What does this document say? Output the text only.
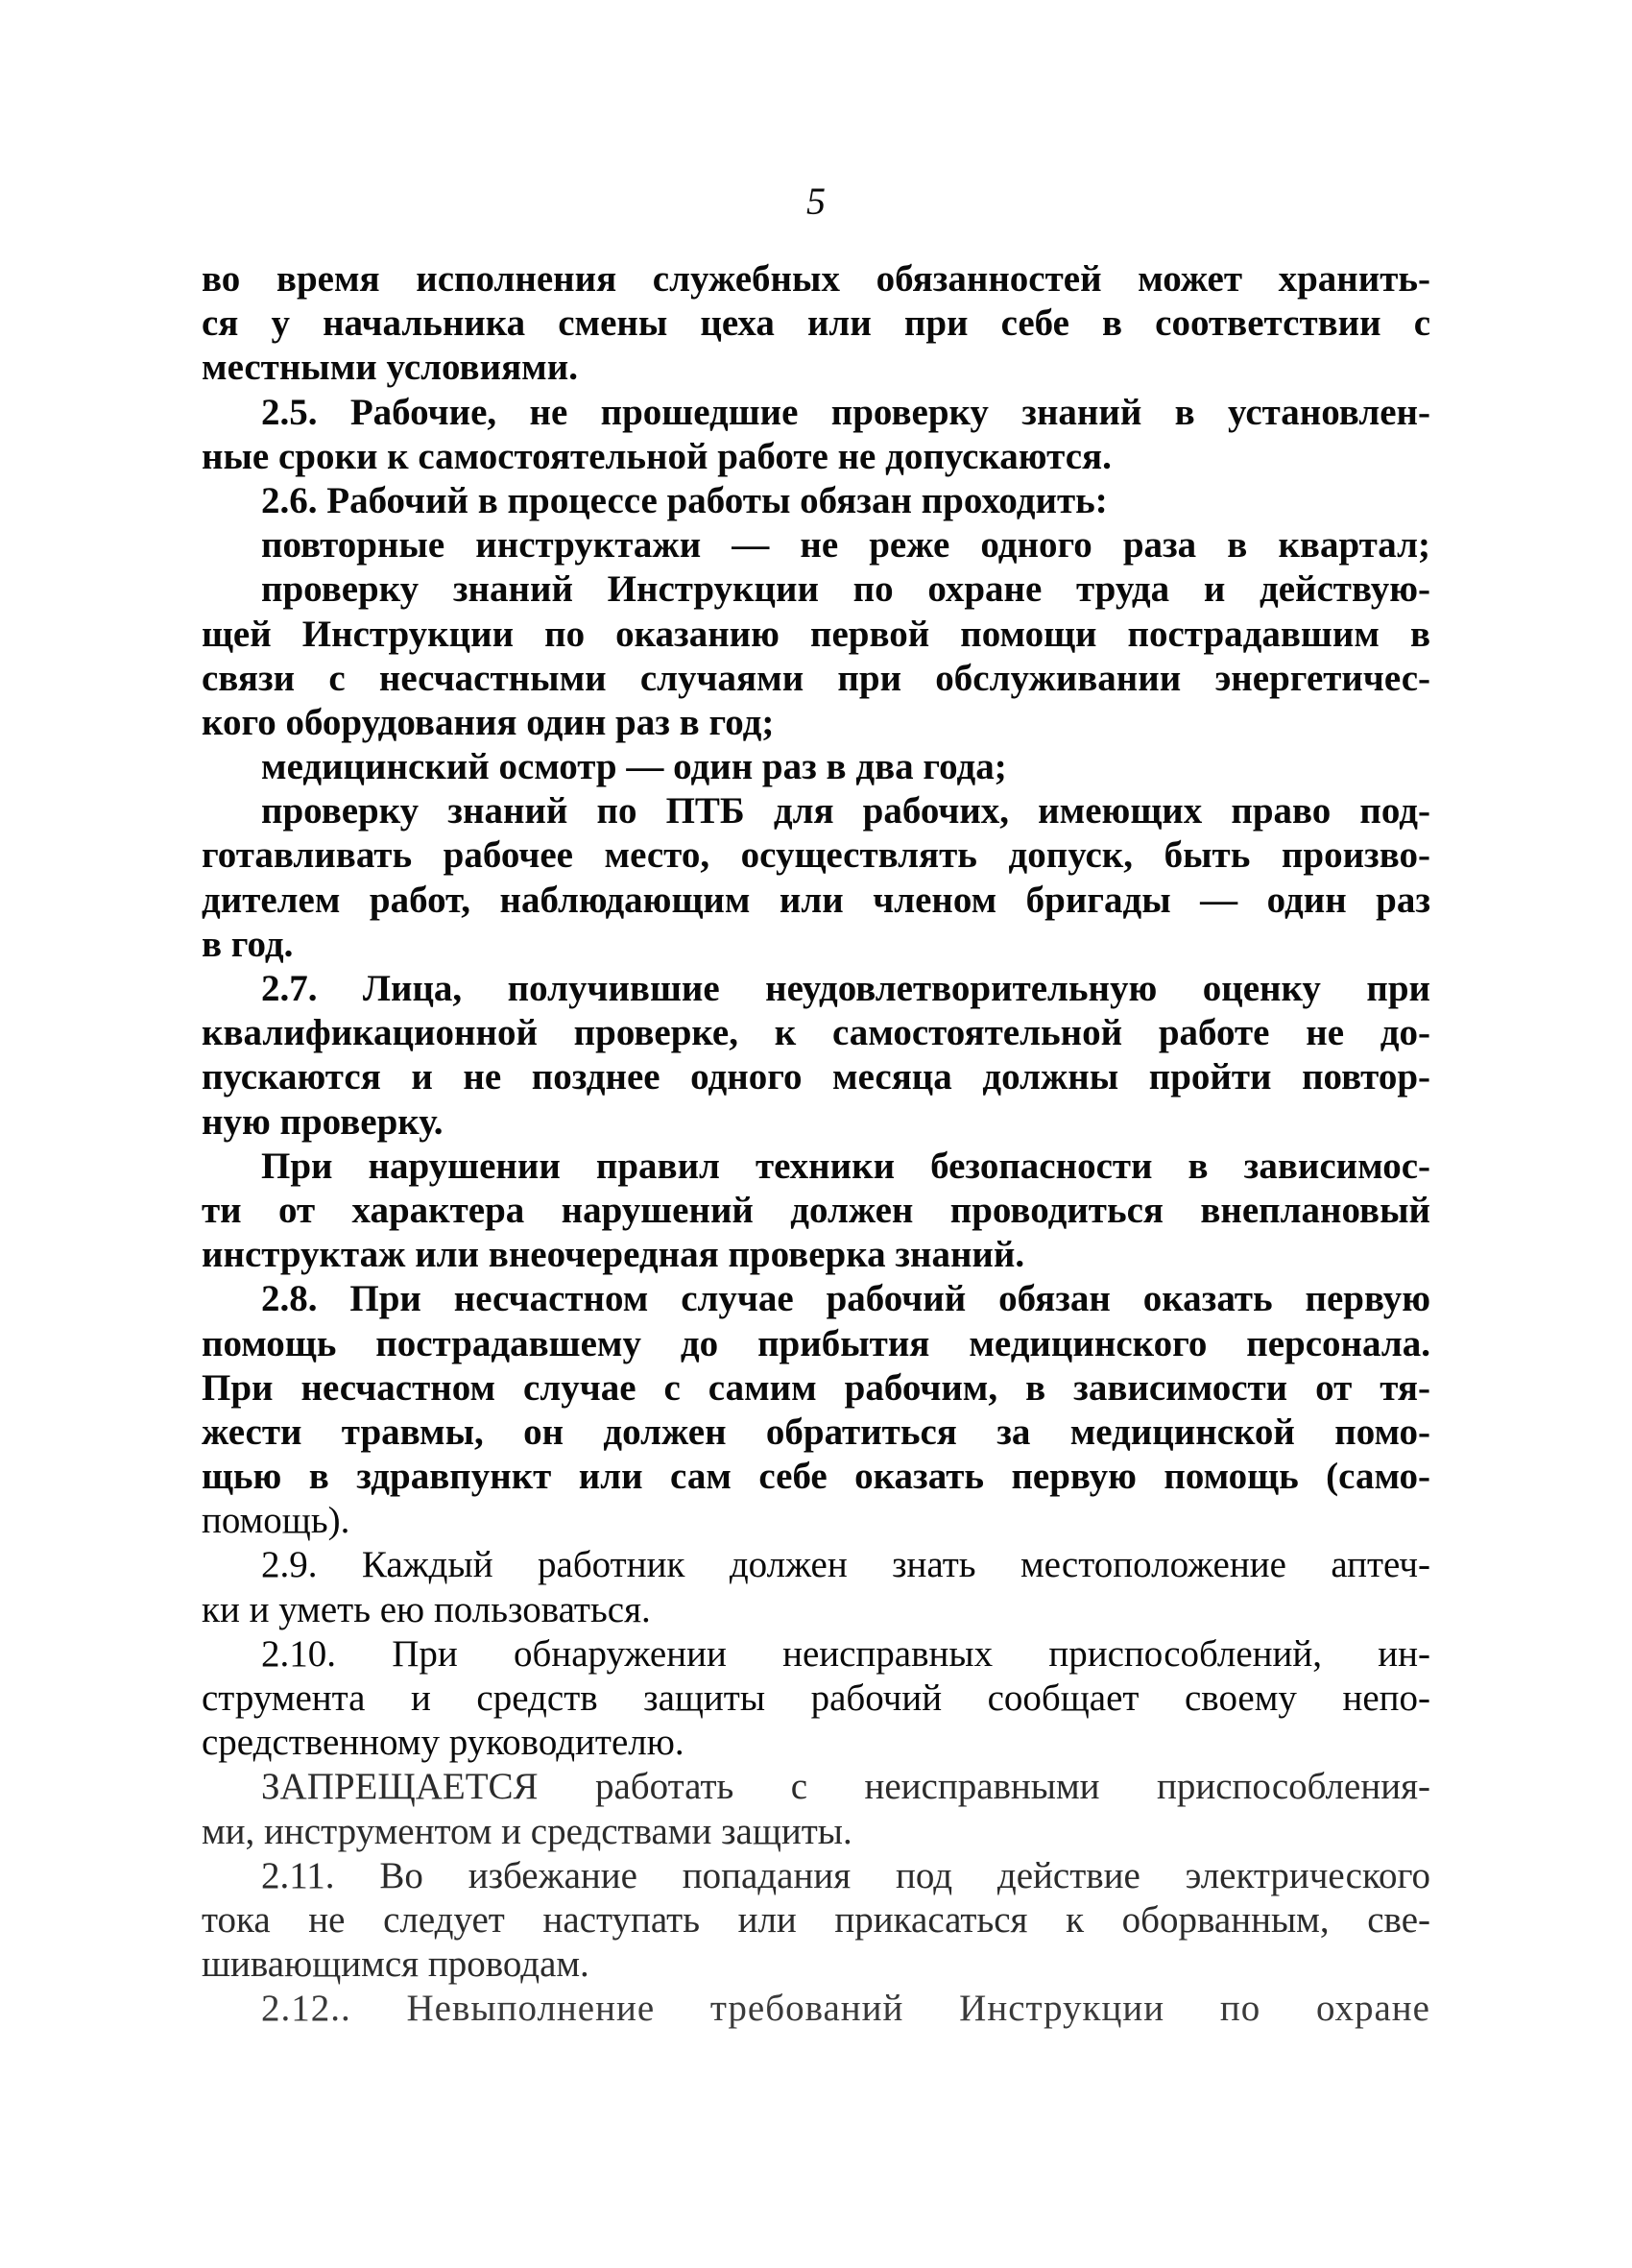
5
во время исполнения служебных обязанностей может хранить-
ся у начальника смены цеха или при себе в соответствии с
местными условиями.
2.5. Рабочие, не прошедшие проверку знаний в установлен-
ные сроки к самостоятельной работе не допускаются.
2.6. Рабочий в процессе работы обязан проходить:
повторные инструктажи — не реже одного раза в квартал;
проверку знаний Инструкции по охране труда и действую-
щей Инструкции по оказанию первой помощи пострадавшим в
связи с несчастными случаями при обслуживании энергетичес-
кого оборудования один раз в год;
медицинский осмотр — один раз в два года;
проверку знаний по ПТБ для рабочих, имеющих право под-
готавливать рабочее место, осуществлять допуск, быть произво-
дителем работ, наблюдающим или членом бригады — один раз
в год.
2.7. Лица, получившие неудовлетворительную оценку при
квалификационной проверке, к самостоятельной работе не до-
пускаются и не позднее одного месяца должны пройти повтор-
ную проверку.
При нарушении правил техники безопасности в зависимос-
ти от характера нарушений должен проводиться внеплановый
инструктаж или внеочередная проверка знаний.
2.8. При несчастном случае рабочий обязан оказать первую
помощь пострадавшему до прибытия медицинского персонала.
При несчастном случае с самим рабочим, в зависимости от тя-
жести травмы, он должен обратиться за медицинской помо-
щью в здравпункт или сам себе оказать первую помощь (само-
помощь).
2.9. Каждый работник должен знать местоположение аптеч-
ки и уметь ею пользоваться.
2.10. При обнаружении неисправных приспособлений, ин-
струмента и средств защиты рабочий сообщает своему непо-
средственному руководителю.
ЗАПРЕЩАЕТСЯ работать с неисправными приспособления-
ми, инструментом и средствами защиты.
2.11. Во избежание попадания под действие электрического
тока не следует наступать или прикасаться к оборванным, све-
шивающимся проводам.
2.12.. Невыполнение требований Инструкции по охране
